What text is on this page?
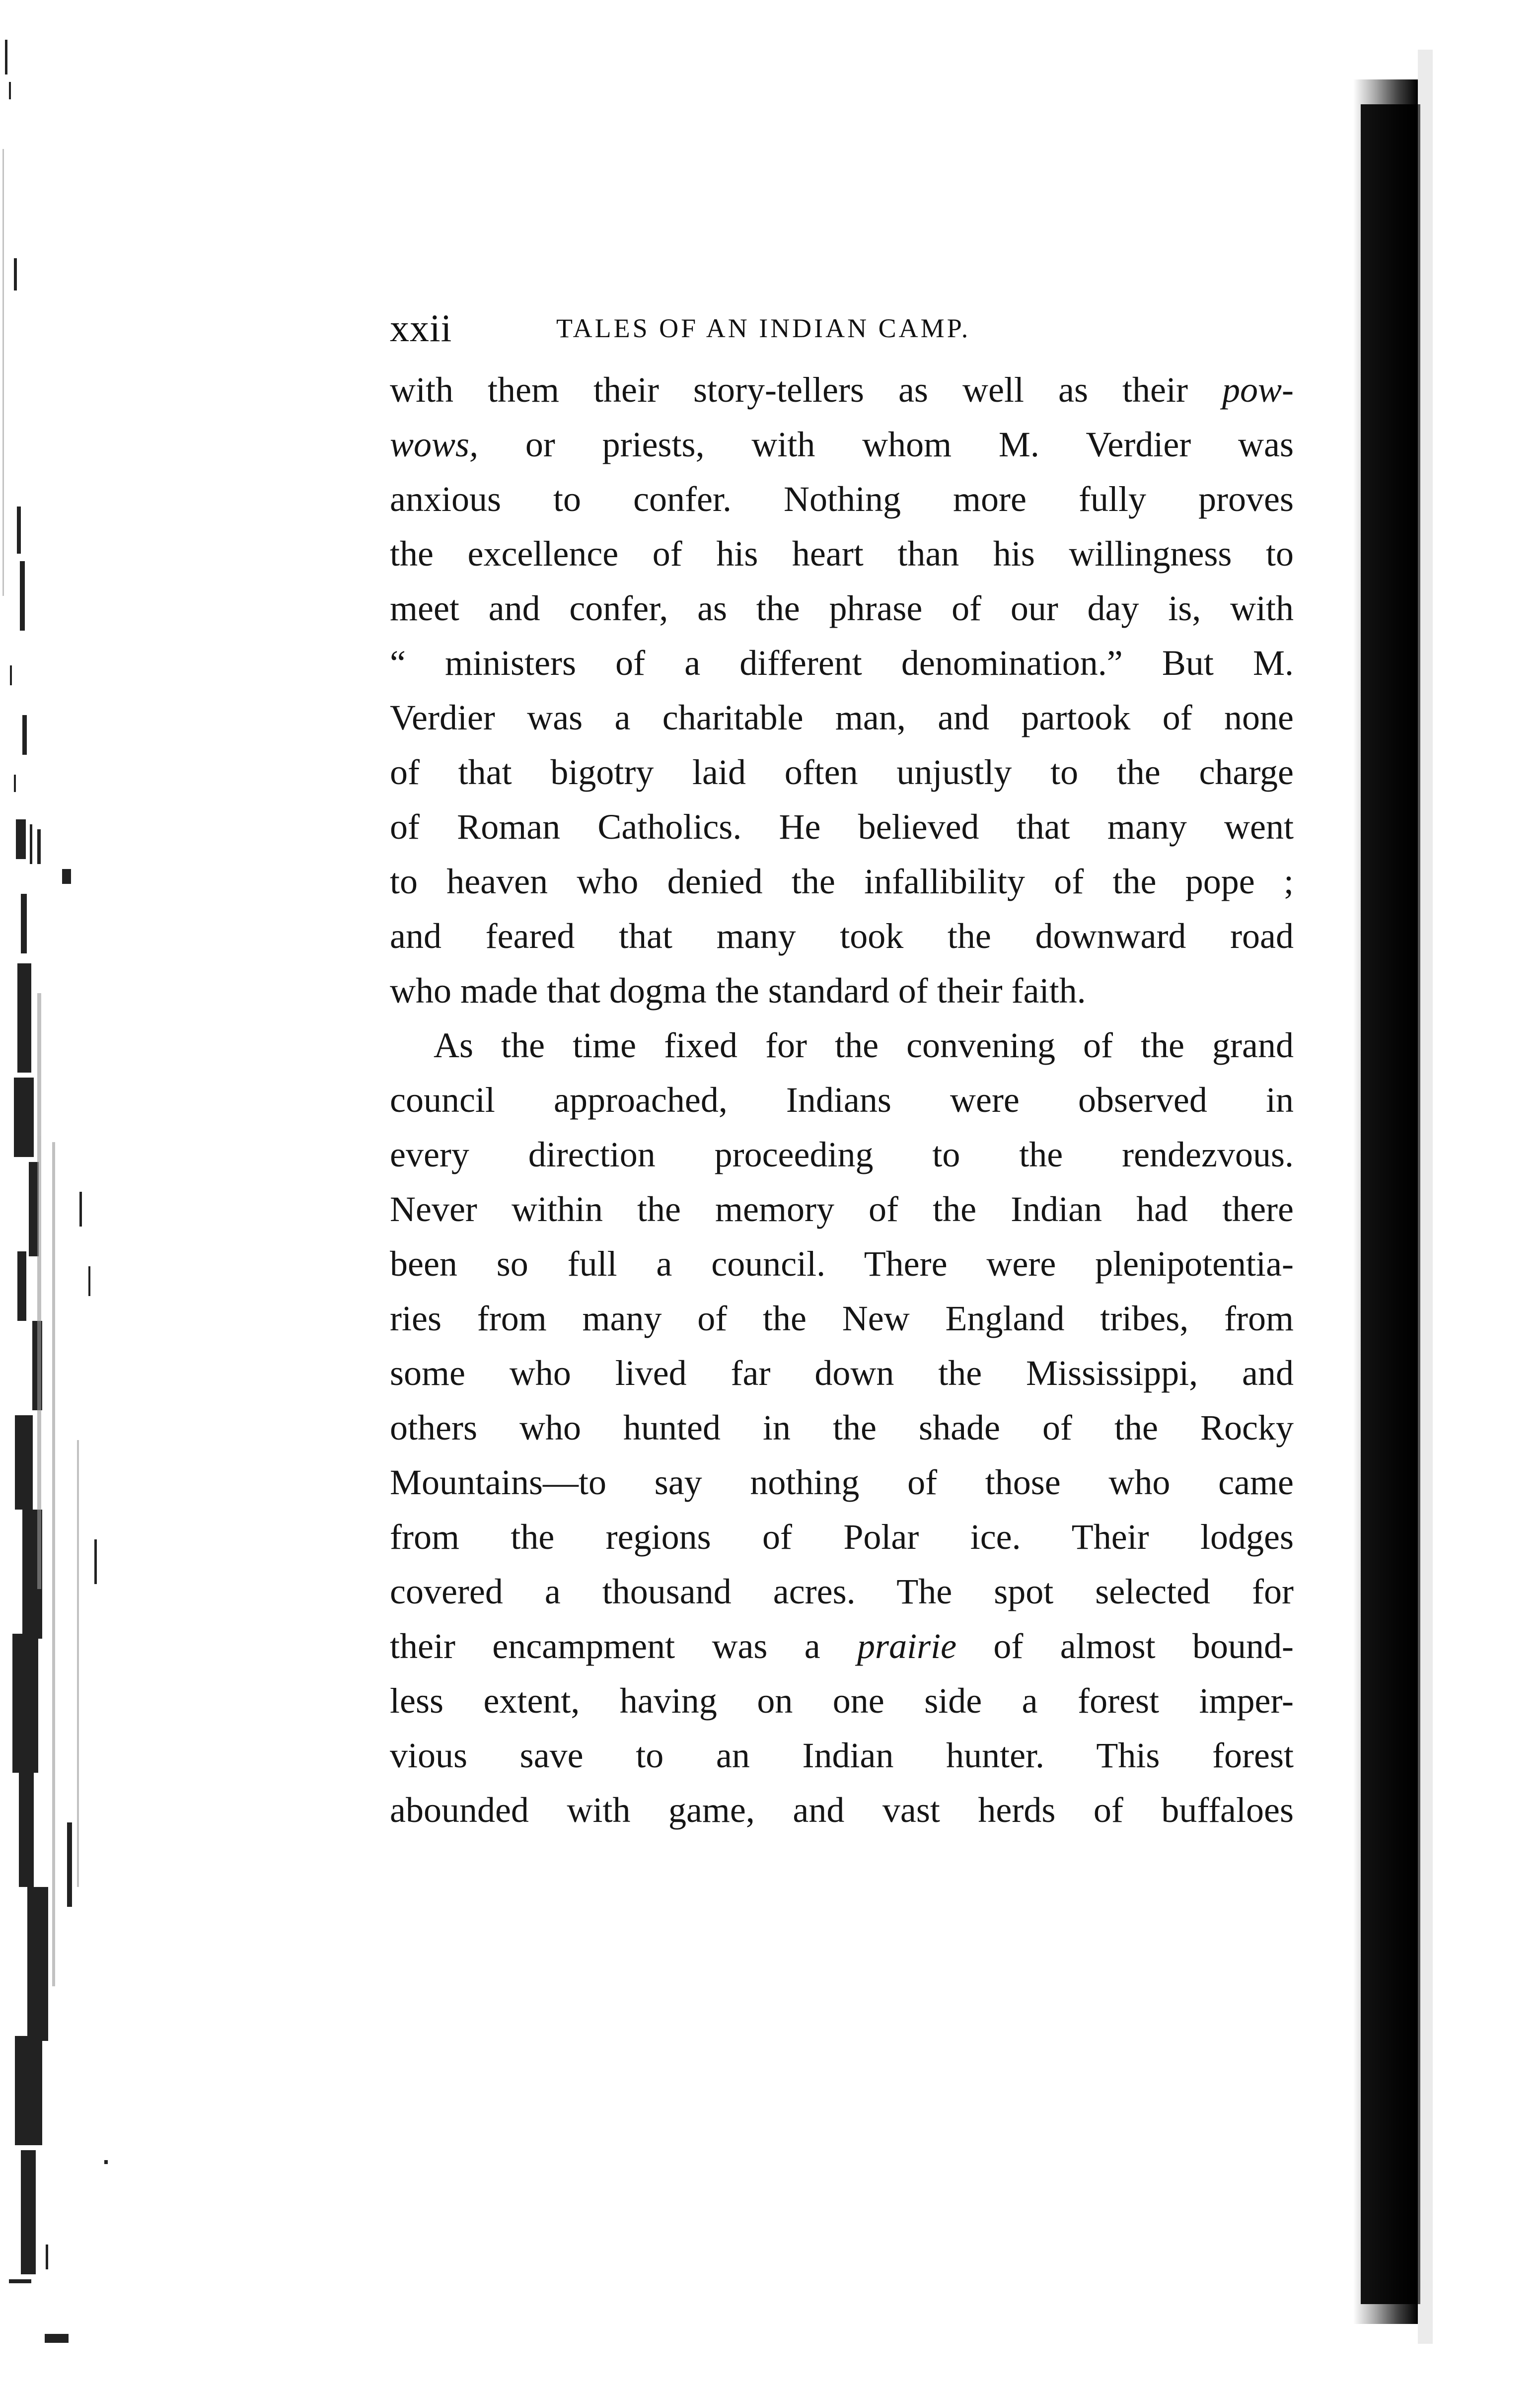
xxii	TALES OF AN INDIAN CAMP.
with them their story-tellers as well as their pow-
wows, or priests, with whom M. Verdier was
anxious to confer. Nothing more fully proves
the excellence of his heart than his willingness to
meet and confer, as the phrase of our day is, with
“ ministers of a different denomination.” But M.
Verdier was a charitable man, and partook of none
of that bigotry laid often unjustly to the charge
of Roman Catholics. He believed that many went
to heaven who denied the infallibility of the pope ;
and feared that many took the downward road
who made that dogma the standard of their faith.
As the time fixed for the convening of the grand
council approached, Indians were observed in
every direction proceeding to the rendezvous.
Never within the memory of the Indian had there
been so full a council. There were plenipotentia-
ries from many of the New England tribes, from
some who lived far down the Mississippi, and
others who hunted in the shade of the Rocky
Mountains—to say nothing of those who came
from the regions of Polar ice. Their lodges
covered a thousand acres. The spot selected for
their encampment was a prairie of almost bound-
less extent, having on one side a forest imper-
vious save to an Indian hunter. This forest
abounded with game, and vast herds of buffaloes
